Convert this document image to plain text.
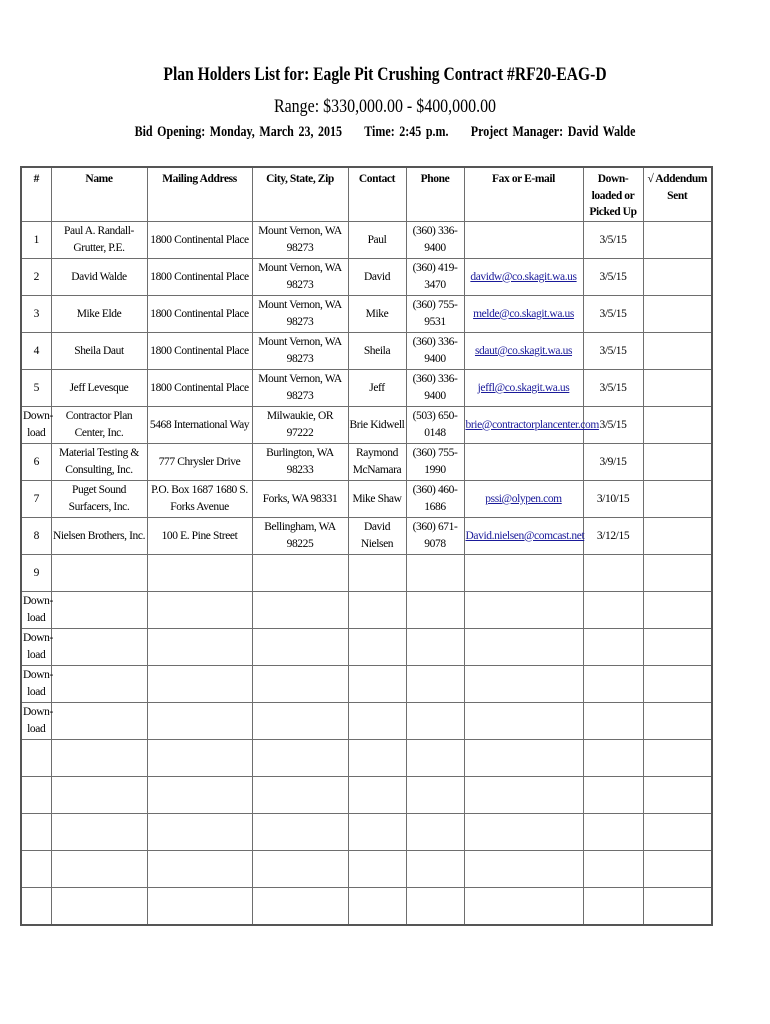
Plan Holders List for: Eagle Pit Crushing Contract #RF20-EAG-D
Range: $330,000.00 - $400,000.00
Bid Opening: Monday, March 23, 2015 Time: 2:45 p.m. Project Manager: David Walde
#	Name	Mailing Address	City, State, Zip	Contact	Phone	Fax or E-mail	Down-loaded or Picked Up	√ Addendum Sent
1	Paul A. Randall-Grutter, P.E.	1800 Continental Place	Mount Vernon, WA 98273	Paul	(360) 336-9400		3/5/15	
2	David Walde	1800 Continental Place	Mount Vernon, WA 98273	David	(360) 419-3470	davidw@co.skagit.wa.us	3/5/15	
3	Mike Elde	1800 Continental Place	Mount Vernon, WA 98273	Mike	(360) 755-9531	melde@co.skagit.wa.us	3/5/15	
4	Sheila Daut	1800 Continental Place	Mount Vernon, WA 98273	Sheila	(360) 336-9400	sdaut@co.skagit.wa.us	3/5/15	
5	Jeff Levesque	1800 Continental Place	Mount Vernon, WA 98273	Jeff	(360) 336-9400	jeffl@co.skagit.wa.us	3/5/15	
Down-load	Contractor Plan Center, Inc.	5468 International Way	Milwaukie, OR 97222	Brie Kidwell	(503) 650-0148	brie@contractorplancenter.com	3/5/15	
6	Material Testing & Consulting, Inc.	777 Chrysler Drive	Burlington, WA 98233	Raymond McNamara	(360) 755-1990		3/9/15	
7	Puget Sound Surfacers, Inc.	P.O. Box 1687 1680 S. Forks Avenue	Forks, WA 98331	Mike Shaw	(360) 460-1686	pssi@olypen.com	3/10/15	
8	Nielsen Brothers, Inc.	100 E. Pine Street	Bellingham, WA 98225	David Nielsen	(360) 671-9078	David.nielsen@comcast.net	3/12/15	
9								
Down-load								
Down-load								
Down-load								
Down-load								
